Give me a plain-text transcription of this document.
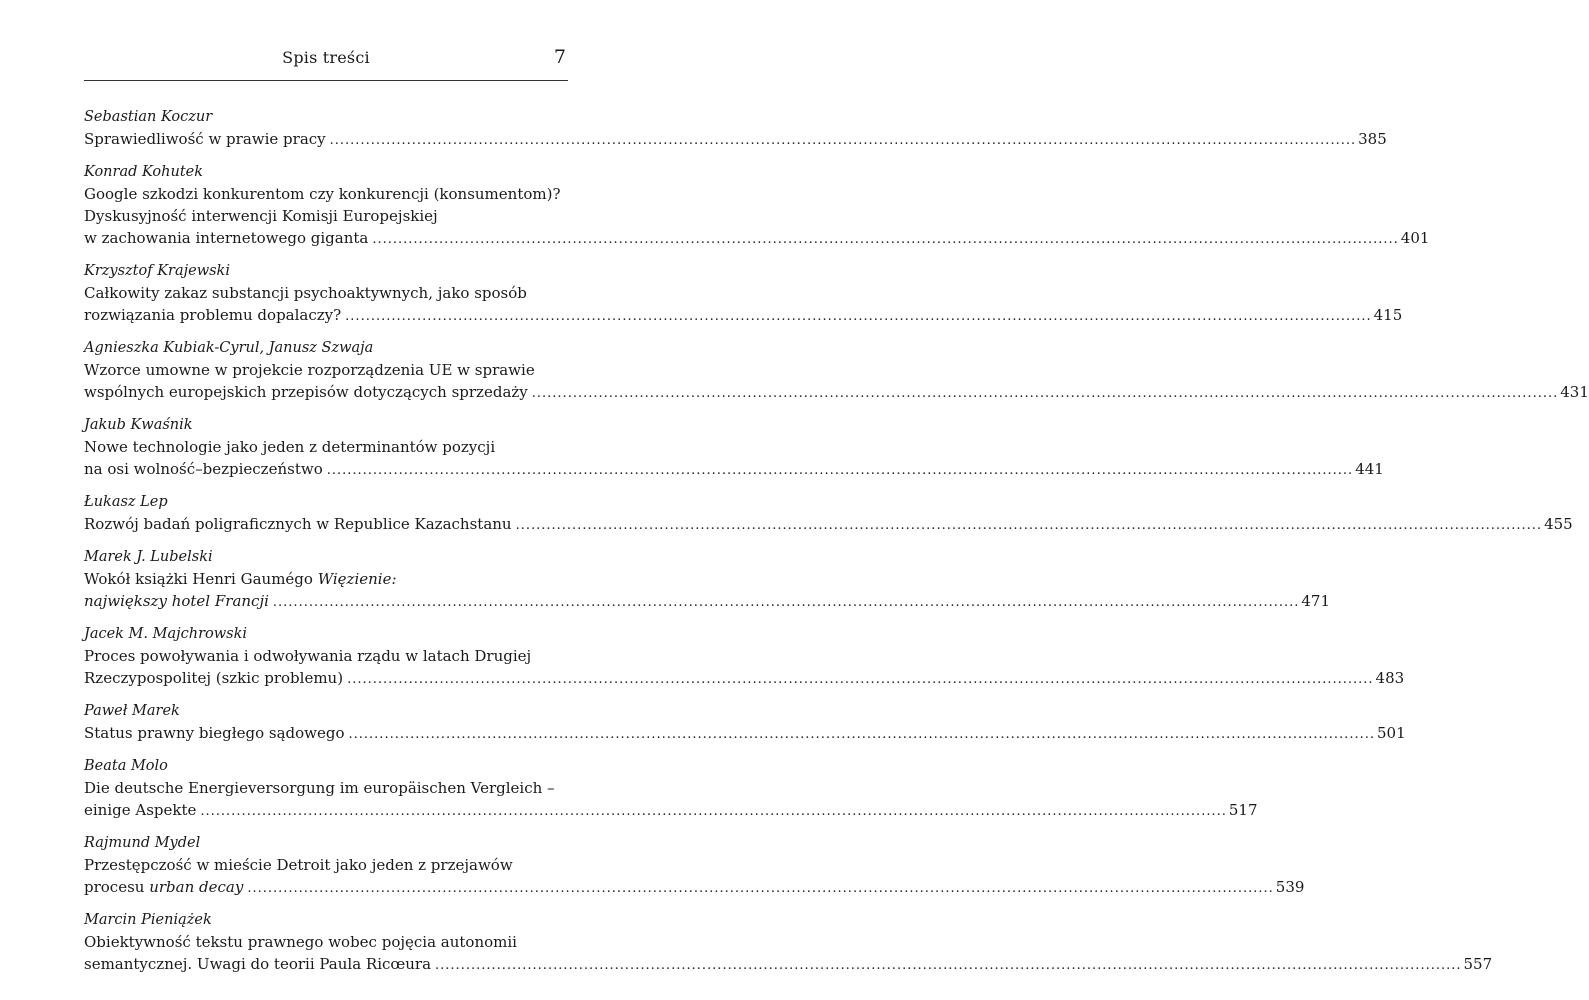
Spis treści	7
Sebastian Koczur
Sprawiedliwość w prawie pracy .....	385
Konrad Kohutek
Google szkodzi konkurentom czy konkurencji (konsumentom)?
Dyskusyjność interwencji Komisji Europejskiej
w zachowania internetowego giganta .....	401
Krzysztof Krajewski
Całkowity zakaz substancji psychoaktywnych, jako sposób
rozwiązania problemu dopalaczy? .....	415
Agnieszka Kubiak-Cyrul, Janusz Szwaja
Wzorce umowne w projekcie rozporządzenia UE w sprawie
wspólnych europejskich przepisów dotyczących sprzedaży .....	431
Jakub Kwaśnik
Nowe technologie jako jeden z determinantów pozycji
na osi wolność–bezpieczeństwo .....	441
Łukasz Lep
Rozwój badań poligraficznych w Republice Kazachstanu .....	455
Marek J. Lubelski
Wokół książki Henri Gaumégo Więzienie:
największy hotel Francji .....	471
Jacek M. Majchrowski
Proces powoływania i odwoływania rządu w latach Drugiej
Rzeczypospolitej (szkic problemu) .....	483
Paweł Marek
Status prawny biegłego sądowego .....	501
Beata Molo
Die deutsche Energieversorgung im europäischen Vergleich –
einige Aspekte .....	517
Rajmund Mydel
Przestępczość w mieście Detroit jako jeden z przejawów
procesu urban decay .....	539
Marcin Pieniążek
Obiektywność tekstu prawnego wobec pojęcia autonomii
semantycznej. Uwagi do teorii Paula Ricœura .....	557
